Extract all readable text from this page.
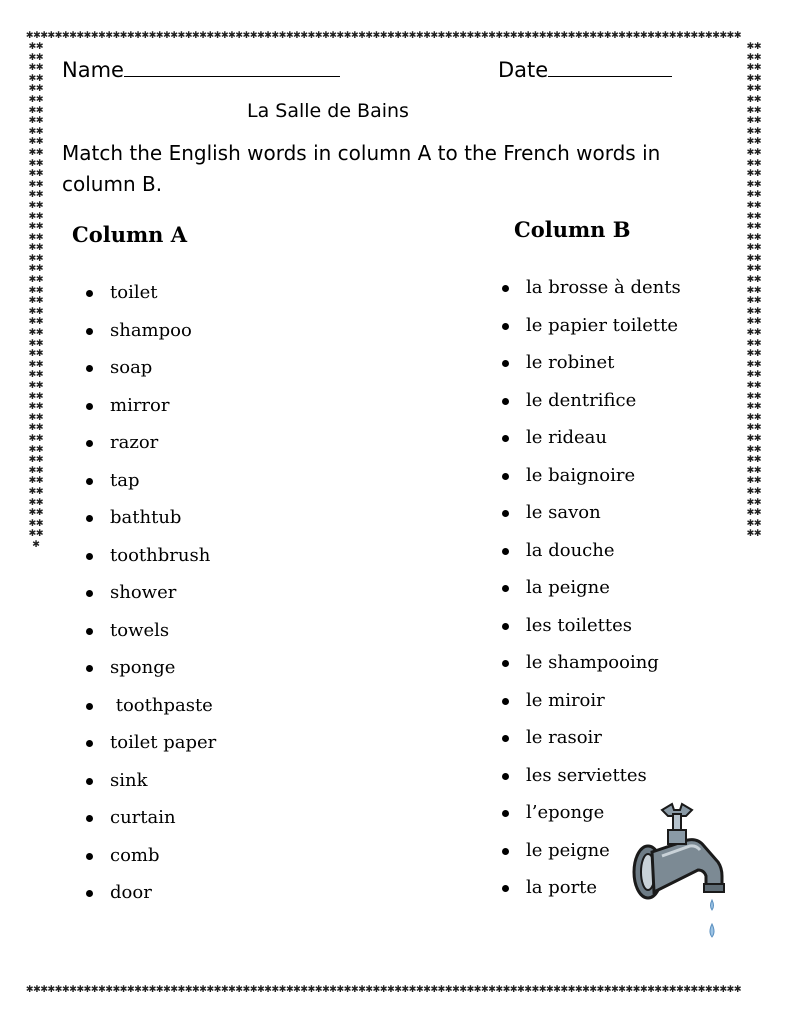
✱✱✱✱✱✱✱✱✱✱✱✱✱✱✱✱✱✱✱✱✱✱✱✱✱✱✱✱✱✱✱✱✱✱✱✱✱✱✱✱✱✱✱✱✱✱✱✱✱✱✱✱✱✱✱✱✱✱✱✱✱✱✱✱✱✱✱✱✱✱✱✱✱✱✱✱✱✱✱✱✱✱✱✱✱✱✱✱✱✱✱✱✱✱✱✱✱✱✱
✱✱✱✱✱✱✱✱✱✱✱✱✱✱✱✱✱✱✱✱✱✱✱✱✱✱✱✱✱✱✱✱✱✱✱✱✱✱✱✱✱✱✱✱✱✱✱✱✱✱✱✱✱✱✱✱✱✱✱✱✱✱✱✱✱✱✱✱✱✱✱✱✱✱✱✱✱✱✱✱✱✱✱✱✱✱✱✱✱✱✱✱✱✱✱✱✱✱✱
✱✱✱✱✱✱✱✱✱✱✱✱✱✱✱✱✱✱✱✱✱✱✱✱✱✱✱✱✱✱✱✱✱✱✱✱✱✱✱✱✱✱✱✱✱✱✱✱✱✱✱✱✱✱✱✱✱✱✱✱✱✱✱✱✱✱✱✱✱✱✱✱✱✱✱✱✱✱✱✱✱✱✱✱✱✱✱✱✱✱✱✱✱✱✱
✱✱✱✱✱✱✱✱✱✱✱✱✱✱✱✱✱✱✱✱✱✱✱✱✱✱✱✱✱✱✱✱✱✱✱✱✱✱✱✱✱✱✱✱✱✱✱✱✱✱✱✱✱✱✱✱✱✱✱✱✱✱✱✱✱✱✱✱✱✱✱✱✱✱✱✱✱✱✱✱✱✱✱✱✱✱✱✱✱✱✱✱✱✱
Name	Date
La Salle de Bains
Match the English words in column A to the French words in column B.
Column A	Column B
toilet
shampoo
soap
mirror
razor
tap
bathtub
toothbrush
shower
towels
sponge
toothpaste
toilet paper
sink
curtain
comb
door
la brosse à dents
le papier toilette
le robinet
le dentrifice
le rideau
le baignoire
le savon
la douche
la peigne
les toilettes
le shampooing
le miroir
le rasoir
les serviettes
l’eponge
le peigne
la porte
